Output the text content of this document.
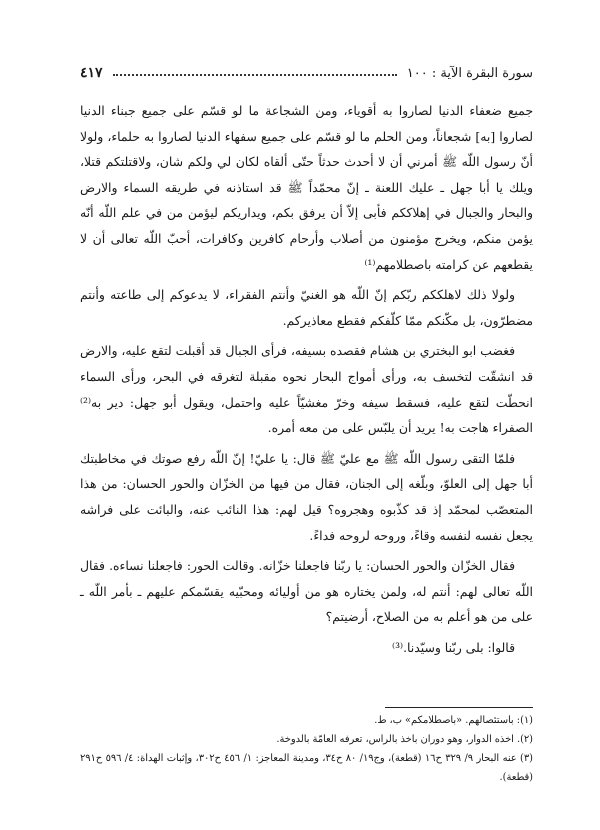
سورة البقرة الآية : ١٠٠
٤١٧

جميع ضعفاء الدنيا لصاروا به أقوياء، ومن الشجاعة ما لو قسّم على جميع جبناء الدنيا لصاروا [به] شجعاناً، ومن الحلم ما لو قسّم على جميع سفهاء الدنيا لصاروا به حلماء، ولولا أنّ رسول اللّه ﷺ أمرني أن لا أحدث حدثاً حتّى ألقاه لكان لي ولكم شان، ولاقتلتكم قتلا، ويلك يا أبا جهل ـ عليك اللعنة ـ إنّ محمّداً ﷺ قد استاذنه في طريقه السماء والارض والبحار والجبال في إهلاككم فأبى إلاّ أن يرفق بكم، ويداريكم ليؤمن من في علم اللّه أنّه يؤمن منكم، ويخرج مؤمنون من أصلاب وأرحام كافرين وكافرات، أحبّ اللّه تعالى أن لا يقطعهم عن كرامته باصطلامهم⁽¹⁾

ولولا ذلك لاهلككم ربّكم إنّ اللّه هو الغنيّ وأنتم الفقراء، لا يدعوكم إلى طاعته وأنتم مضطرّون، بل مكّنكم ممّا كلّفكم فقطع معاذيركم.

فغضب ابو البختري بن هشام فقصده بسيفه، فرأى الجبال قد أقبلت لتقع عليه، والارض قد انشقّت لتخسف به، ورأى أمواج البحار نحوه مقبلة لتغرقه في البحر، ورأى السماء انحطّت لتقع عليه، فسقط سيفه وخرّ مغشيّاً عليه واحتمل، ويقول أبو جهل: دير به⁽²⁾ الصفراء هاجت به! يريد أن يلبّس على من معه أمره.

فلمّا التقى رسول اللّه ﷺ مع عليّ ﷺ قال: يا عليّ! إنّ اللّه رفع صوتك في مخاطبتك أبا جهل إلى العلوّ، وبلّغه إلى الجنان، فقال من فيها من الخزّان والحور الحسان: من هذا المتعصّب لمحمّد إذ قد كذّبوه وهجروه؟ قيل لهم: هذا النائب عنه، والبائت على فراشه يجعل نفسه لنفسه وقاءً، وروحه لروحه فداءً.

فقال الخزّان والحور الحسان: يا ربّنا فاجعلنا خزّانه. وقالت الحور: فاجعلنا نساءه. فقال اللّه تعالى لهم: أنتم له، ولمن يختاره هو من أوليائه ومحبّيه يقسّمكم عليهم ـ بأمر اللّه ـ على من هو أعلم به من الصلاح، أرضيتم؟

قالوا: بلى ربّنا وسيّدنا.⁽³⁾

(١): باستئصالهم. «باصطلامكم» ب، ط.
(٢). اخذه الدوار، وهو دوران باخذ بالراس، تعرفه العامّة بالدوخة.
(٣) عنه البحار ٩/ ٣٢٩ ح١٦ (قطعة)، وج١٩/ ٨٠ ح٣٤، ومدينة المعاجز: ١/ ٤٥٦ ح٣٠٢، وإثبات الهداة: ٤/ ٥٩٦ ح٢٩١ (قطعة).
